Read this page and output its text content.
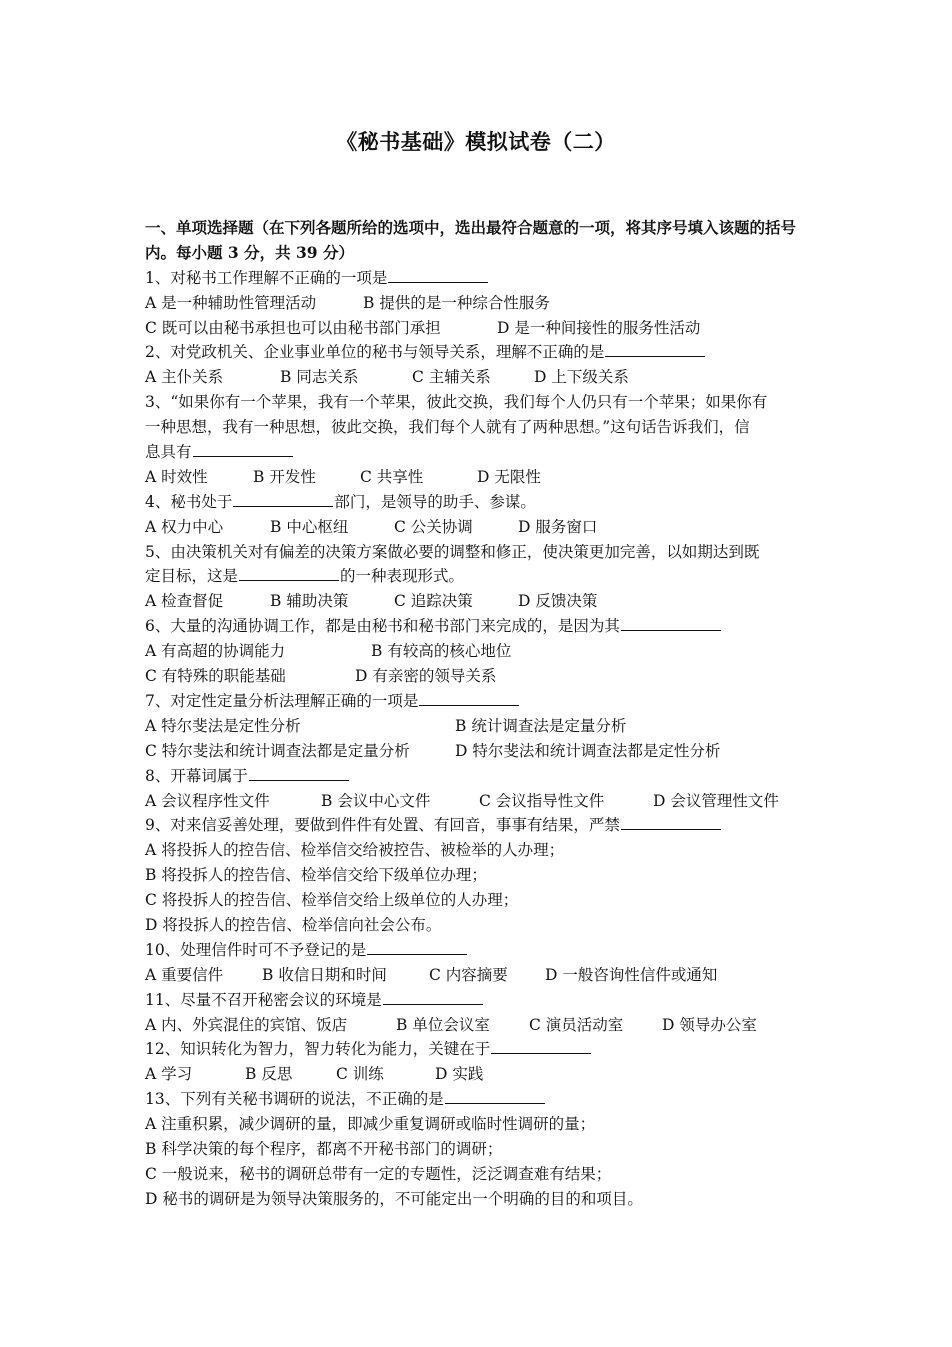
《秘书基础》模拟试卷（二）
一、单项选择题（在下列各题所给的选项中，选出最符合题意的一项，将其序号填入该题的括号内。每小题 3 分，共 39 分）
1、对秘书工作理解不正确的一项是
A 是一种辅助性管理活动	B 提供的是一种综合性服务
C 既可以由秘书承担也可以由秘书部门承担	D 是一种间接性的服务性活动
2、对党政机关、企业事业单位的秘书与领导关系，理解不正确的是
A 主仆关系	B 同志关系	C 主辅关系	D 上下级关系
3、“如果你有一个苹果，我有一个苹果，彼此交换，我们每个人仍只有一个苹果；如果你有
一种思想，我有一种思想，彼此交换，我们每个人就有了两种思想。”这句话告诉我们，信
息具有
A 时效性	B 开发性	C 共享性	D 无限性
4、秘书处于	部门，是领导的助手、参谋。
A 权力中心	B 中心枢纽	C 公关协调	D 服务窗口
5、由决策机关对有偏差的决策方案做必要的调整和修正，使决策更加完善，以如期达到既
定目标，这是	的一种表现形式。
A 检查督促	B 辅助决策	C 追踪决策	D 反馈决策
6、大量的沟通协调工作，都是由秘书和秘书部门来完成的，是因为其
A 有高超的协调能力	B 有较高的核心地位
C 有特殊的职能基础	D 有亲密的领导关系
7、对定性定量分析法理解正确的一项是
A 特尔斐法是定性分析	B 统计调查法是定量分析
C 特尔斐法和统计调查法都是定量分析	D 特尔斐法和统计调查法都是定性分析
8、开幕词属于
A 会议程序性文件	B 会议中心文件	C 会议指导性文件	D 会议管理性文件
9、对来信妥善处理，要做到件件有处置、有回音，事事有结果，严禁
A 将投拆人的控告信、检举信交给被控告、被检举的人办理；
B 将投拆人的控告信、检举信交给下级单位办理；
C 将投拆人的控告信、检举信交给上级单位的人办理；
D 将投拆人的控告信、检举信向社会公布。
10、处理信件时可不予登记的是
A 重要信件	B 收信日期和时间	C 内容摘要 D 一般咨询性信件或通知
11、尽量不召开秘密会议的环境是
A 内、外宾混住的宾馆、饭店	B 单位会议室	C 演员活动室 D 领导办公室
12、知识转化为智力，智力转化为能力，关键在于
A 学习	B 反思	C 训练	D 实践
13、下列有关秘书调研的说法，不正确的是
A 注重积累，减少调研的量，即减少重复调研或临时性调研的量；
B 科学决策的每个程序，都离不开秘书部门的调研；
C 一般说来，秘书的调研总带有一定的专题性，泛泛调查难有结果；
D 秘书的调研是为领导决策服务的，不可能定出一个明确的目的和项目。
